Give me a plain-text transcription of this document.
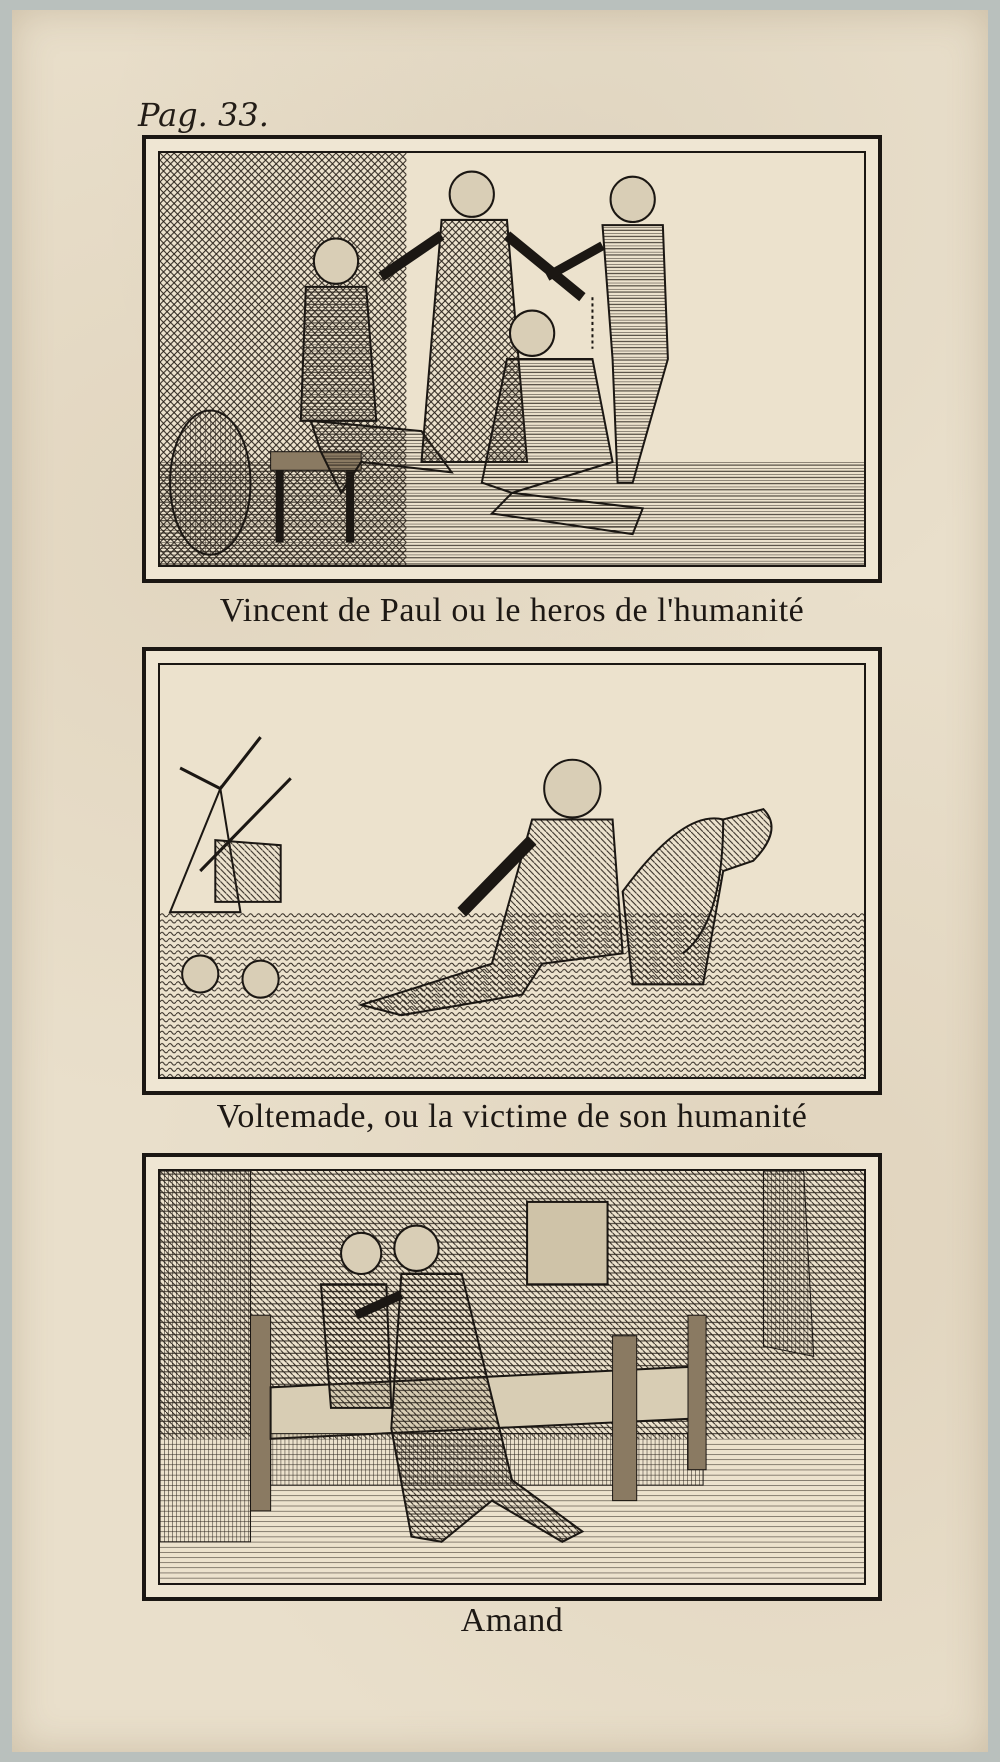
Pag. 33.
Vincent de Paul ou le heros de l'humanité
Voltemade, ou la victime de son humanité
Amand
